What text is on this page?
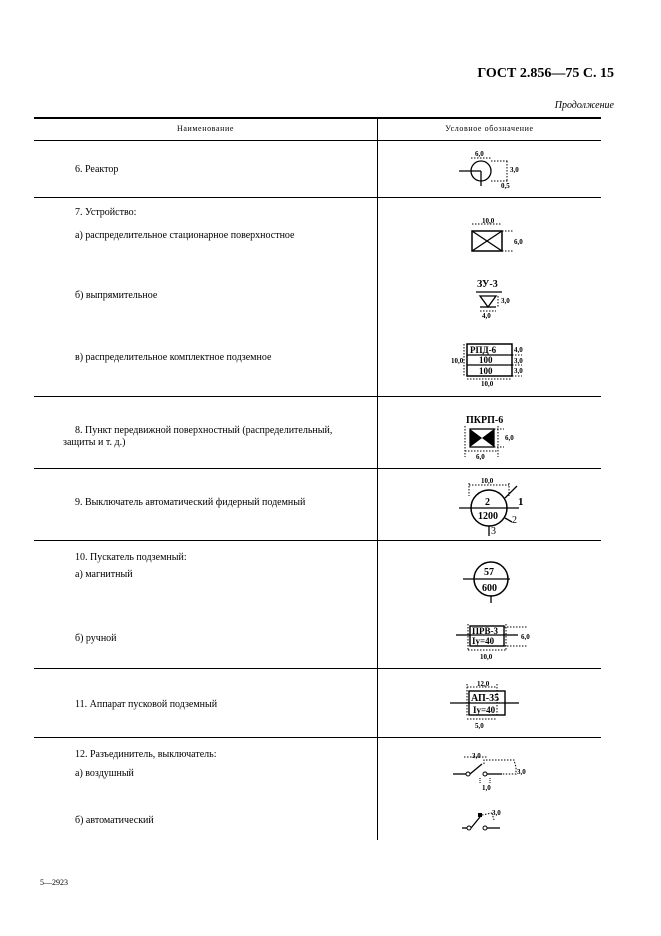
ГОСТ 2.856—75 С. 15
Продолжение
Наименование	Условное обозначение
6. Реактор
7. Устройство:
а) распределительное стационарное поверхностное
б) выпрямительное
в) распределительное комплектное подземное
8. Пункт передвижной поверхностный (распределительный,
защиты и т. д.)
9. Выключатель автоматический фидерный подемный
10. Пускатель подземный:
а) магнитный
б) ручной
11. Аппарат пусковой подземный
12. Разъединитель, выключатель:
а) воздушный
б) автоматический
6,0
3,0
0,5
10,0
6,0
ЗУ-3
3,0
4,0
РПД-6
100
100
4,0
3,0
3,0
10,0
10,0
ПКРП-6
6,0
6,0
10,0
2
1200
3
1
2
57
600
ПРВ-3
Iу=40	6,0
10,0
12,0
АП-35
Iу=40
5,0
3,0
3,0
1,0
3,0
5—2923
